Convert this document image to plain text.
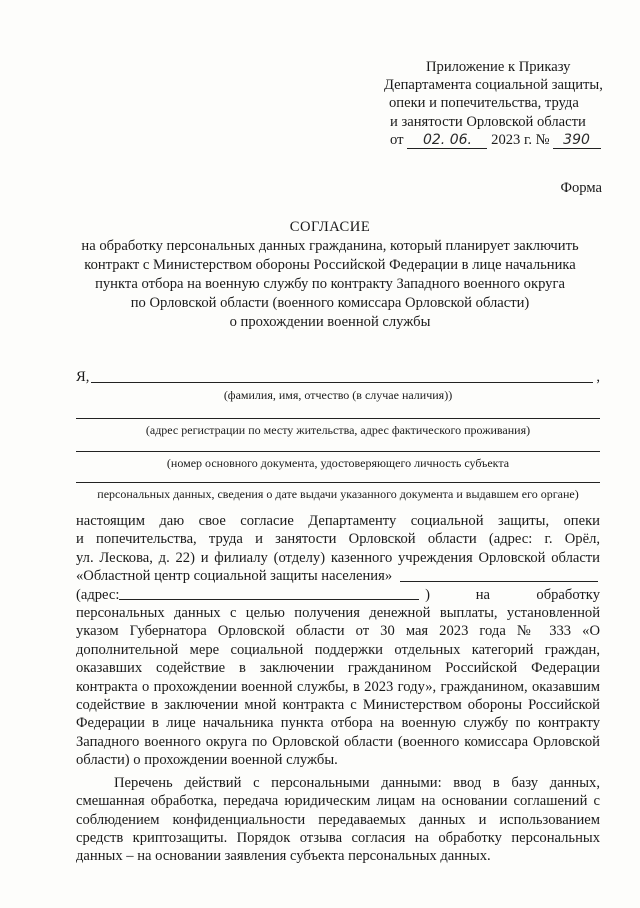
Приложение к Приказу
Департамента социальной защиты,
опеки и попечительства, труда
и занятости Орловской области
от 02. 06. 2023 г. № 390
Форма
СОГЛАСИЕ
на обработку персональных данных гражданина, который планирует заключить
контракт с Министерством обороны Российской Федерации в лице начальника
пункта отбора на военную службу по контракту Западного военного округа
по Орловской области (военного комиссара Орловской области)
о прохождении военной службы
Я,	,
(фамилия, имя, отчество (в случае наличия))
(адрес регистрации по месту жительства, адрес фактического проживания)
(номер основного документа, удостоверяющего личность субъекта
персональных данных, сведения о дате выдачи указанного документа и выдавшем его органе)

настоящим даю свое согласие Департаменту социальной защиты, опеки

и попечительства, труда и занятости Орловской области (адрес: г. Орёл,

ул. Лескова, д. 22) и филиалу (отделу) казенного учреждения Орловской области

«Областной центр социальной защиты населения»
(адрес:	)	на	обработку

персональных данных с целью получения денежной выплаты, установленной указом Губернатора Орловской области от 30 мая 2023 года № 333 «О дополнительной мере социальной поддержки отдельных категорий граждан, оказавших содействие в заключении гражданином Российской Федерации контракта о прохождении военной службы, в 2023 году», гражданином, оказавшим содействие в заключении мной контракта с Министерством обороны Российской Федерации в лице начальника пункта отбора на военную службу по контракту Западного военного округа по Орловской области (военного комиссара Орловской области) о прохождении военной службы.

Перечень действий с персональными данными: ввод в базу данных, смешанная обработка, передача юридическим лицам на основании соглашений с соблюдением конфиденциальности передаваемых данных и использованием средств криптозащиты. Порядок отзыва согласия на обработку персональных данных – на основании заявления субъекта персональных данных.
